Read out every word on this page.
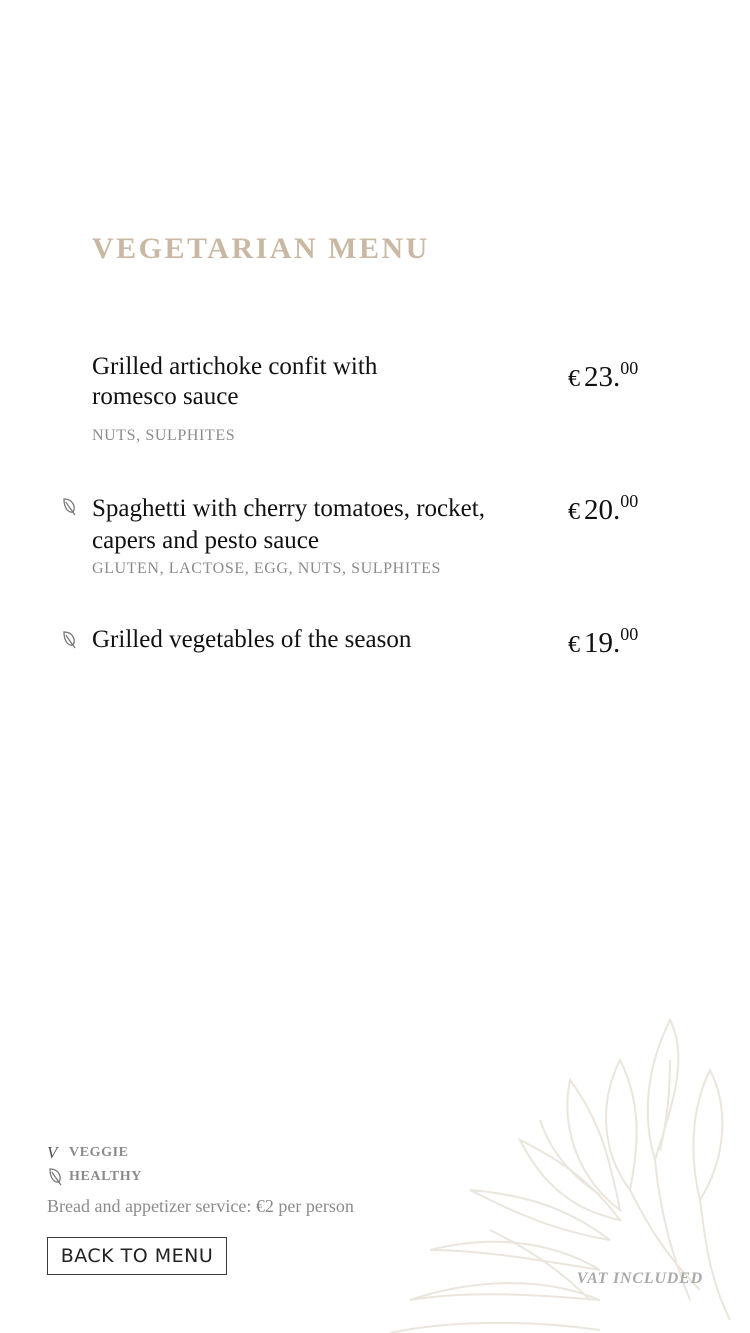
VEGETARIAN MENU
Grilled artichoke confit with romesco sauce
€ 23.00
NUTS, SULPHITES
Spaghetti with cherry tomatoes, rocket, capers and pesto sauce
€ 20.00
GLUTEN, LACTOSE, EGG, NUTS, SULPHITES
Grilled vegetables of the season	€ 19.00
V VEGGIE
HEALTHY
Bread and appetizer service: €2 per person
BACK TO MENU
VAT INCLUDED
